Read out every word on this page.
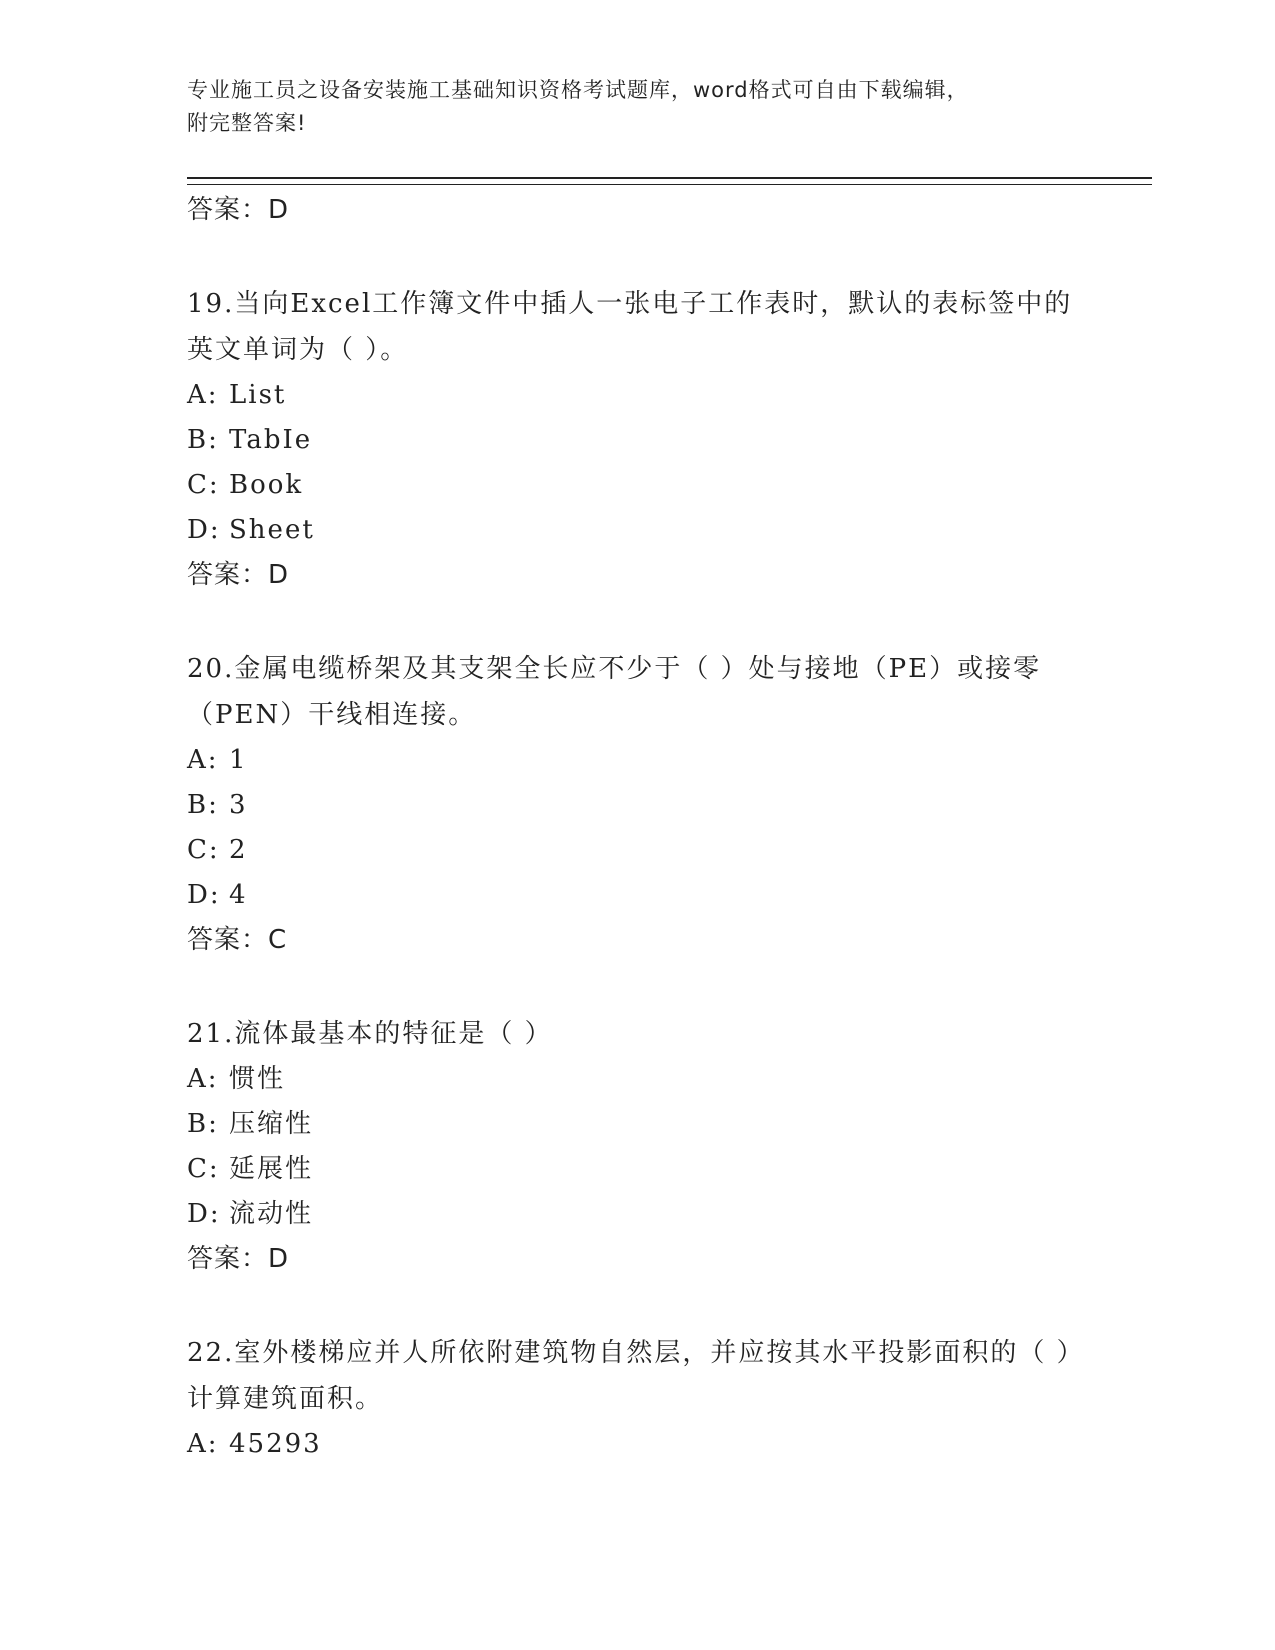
专业施工员之设备安装施工基础知识资格考试题库，word格式可自由下载编辑，
附完整答案!
答案：D
19.当向Excel工作簿文件中插人一张电子工作表时，默认的表标签中的英文单词为（ ）。
A: List
B: TabIe
C: Book
D: Sheet
答案：D
20.金属电缆桥架及其支架全长应不少于（ ）处与接地（PE）或接零（PEN）干线相连接。
A: 1
B: 3
C: 2
D: 4
答案：C
21.流体最基本的特征是（ ）
A: 惯性
B: 压缩性
C: 延展性
D: 流动性
答案：D
22.室外楼梯应并人所依附建筑物自然层，并应按其水平投影面积的（ ）计算建筑面积。
A: 45293
